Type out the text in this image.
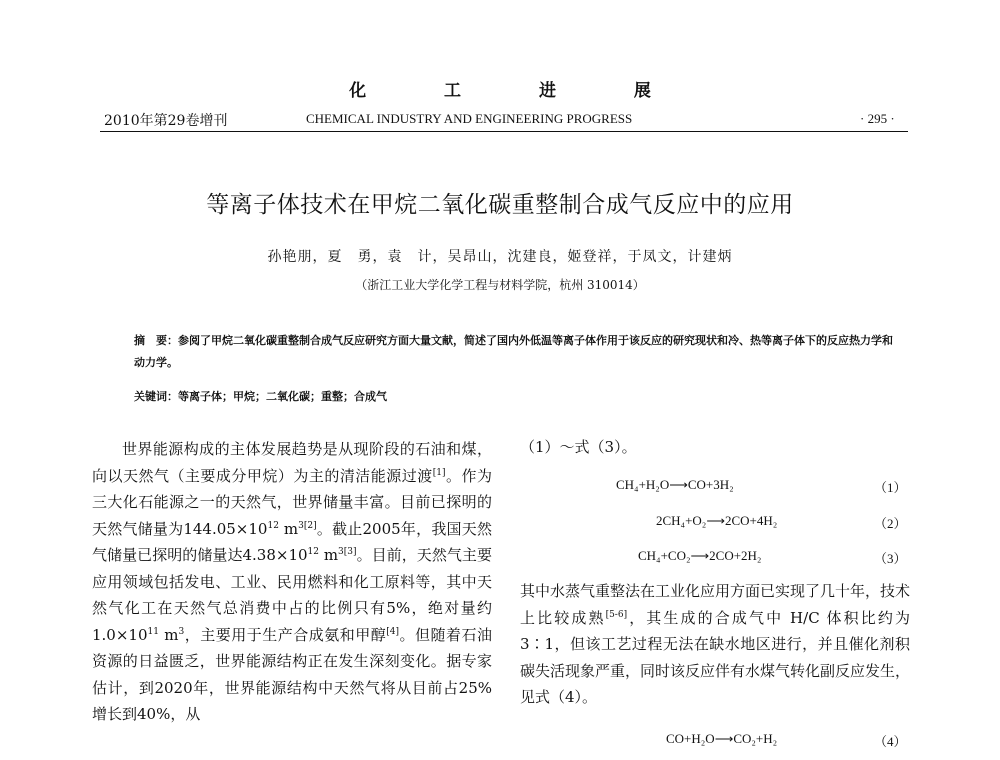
化 工 进 展
2010年第29卷增刊	CHEMICAL INDUSTRY AND ENGINEERING PROGRESS	· 295 ·
等离子体技术在甲烷二氧化碳重整制合成气反应中的应用
孙艳朋，夏　勇，袁　计，吴昂山，沈建良，姬登祥，于凤文，计建炳
（浙江工业大学化学工程与材料学院，杭州 310014）
摘　要：参阅了甲烷二氧化碳重整制合成气反应研究方面大量文献，简述了国内外低温等离子体作用于该反应的研究现状和冷、热等离子体下的反应热力学和动力学。
关键词：等离子体；甲烷；二氧化碳；重整；合成气

世界能源构成的主体发展趋势是从现阶段的石油和煤，向以天然气（主要成分甲烷）为主的清洁能源过渡[1]。作为三大化石能源之一的天然气，世界储量丰富。目前已探明的天然气储量为$144.05\times 10^{12}$ $m^{3[2]}$。截止2005年，我国天然气储量已探明的储量达$4.38\times 10^{12}$ $m^{3[3]}$。目前，天然气主要应用领域包括发电、工业、民用燃料和化工原料等，其中天然气化工在天然气总消费中占的比例只有5%，绝对量约 $1.0\times 10^{11}$ $m^3$，主要用于生产合成氨和甲醇[4]。但随着石油资源的日益匮乏，世界能源结构正在发生深刻变化。据专家估计，到2020年，世界能源结构中天然气将从目前占25%增长到40%，从

（1）～式（3）。
CH₄+H₂O⟶CO+3H₂	（1）
2CH₄+O₂⟶2CO+4H₂	（2）
CH₄+CO₂⟶2CO+2H₂	（3）

其中水蒸气重整法在工业化应用方面已实现了几十年，技术上比较成熟[5-6]，其生成的合成气中 H/C 体积比约为3∶1，但该工艺过程无法在缺水地区进行，并且催化剂积碳失活现象严重，同时该反应伴有水煤气转化副反应发生，见式（4）。

CO+H₂O⟶CO₂+H₂	（4）
